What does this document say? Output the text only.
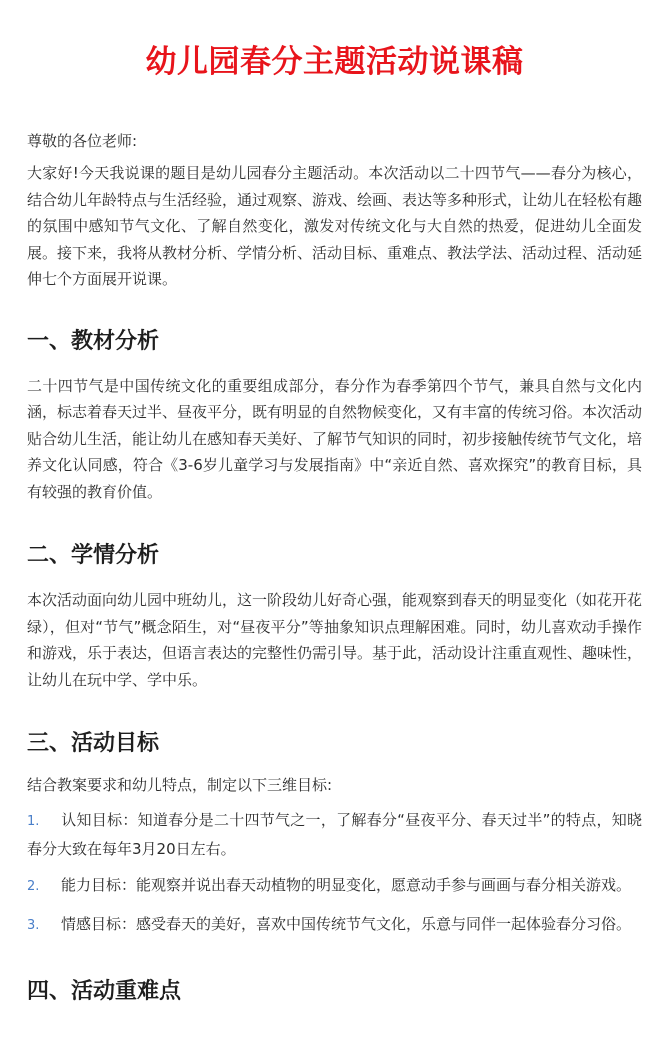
幼儿园春分主题活动说课稿

尊敬的各位老师:

大家好!今天我说课的题目是幼儿园春分主题活动。本次活动以二十四节气——春分为核心，结合幼儿年龄特点与生活经验，通过观察、游戏、绘画、表达等多种形式，让幼儿在轻松有趣的氛围中感知节气文化、了解自然变化，激发对传统文化与大自然的热爱，促进幼儿全面发展。接下来，我将从教材分析、学情分析、活动目标、重难点、教法学法、活动过程、活动延伸七个方面展开说课。

一、教材分析

二十四节气是中国传统文化的重要组成部分，春分作为春季第四个节气，兼具自然与文化内涵，标志着春天过半、昼夜平分，既有明显的自然物候变化，又有丰富的传统习俗。本次活动贴合幼儿生活，能让幼儿在感知春天美好、了解节气知识的同时，初步接触传统节气文化，培养文化认同感，符合《3-6岁儿童学习与发展指南》中“亲近自然、喜欢探究”的教育目标，具有较强的教育价值。

二、学情分析

本次活动面向幼儿园中班幼儿，这一阶段幼儿好奇心强，能观察到春天的明显变化（如花开花绿），但对“节气”概念陌生，对“昼夜平分”等抽象知识点理解困难。同时，幼儿喜欢动手操作和游戏，乐于表达，但语言表达的完整性仍需引导。基于此，活动设计注重直观性、趣味性，让幼儿在玩中学、学中乐。

三、活动目标

结合教案要求和幼儿特点，制定以下三维目标:

1. 认知目标：知道春分是二十四节气之一，了解春分“昼夜平分、春天过半”的特点，知晓春分大致在每年3月20日左右。
2. 能力目标：能观察并说出春天动植物的明显变化，愿意动手参与画画与春分相关游戏。
3. 情感目标：感受春天的美好，喜欢中国传统节气文化，乐意与同伴一起体验春分习俗。
四、活动重难点
